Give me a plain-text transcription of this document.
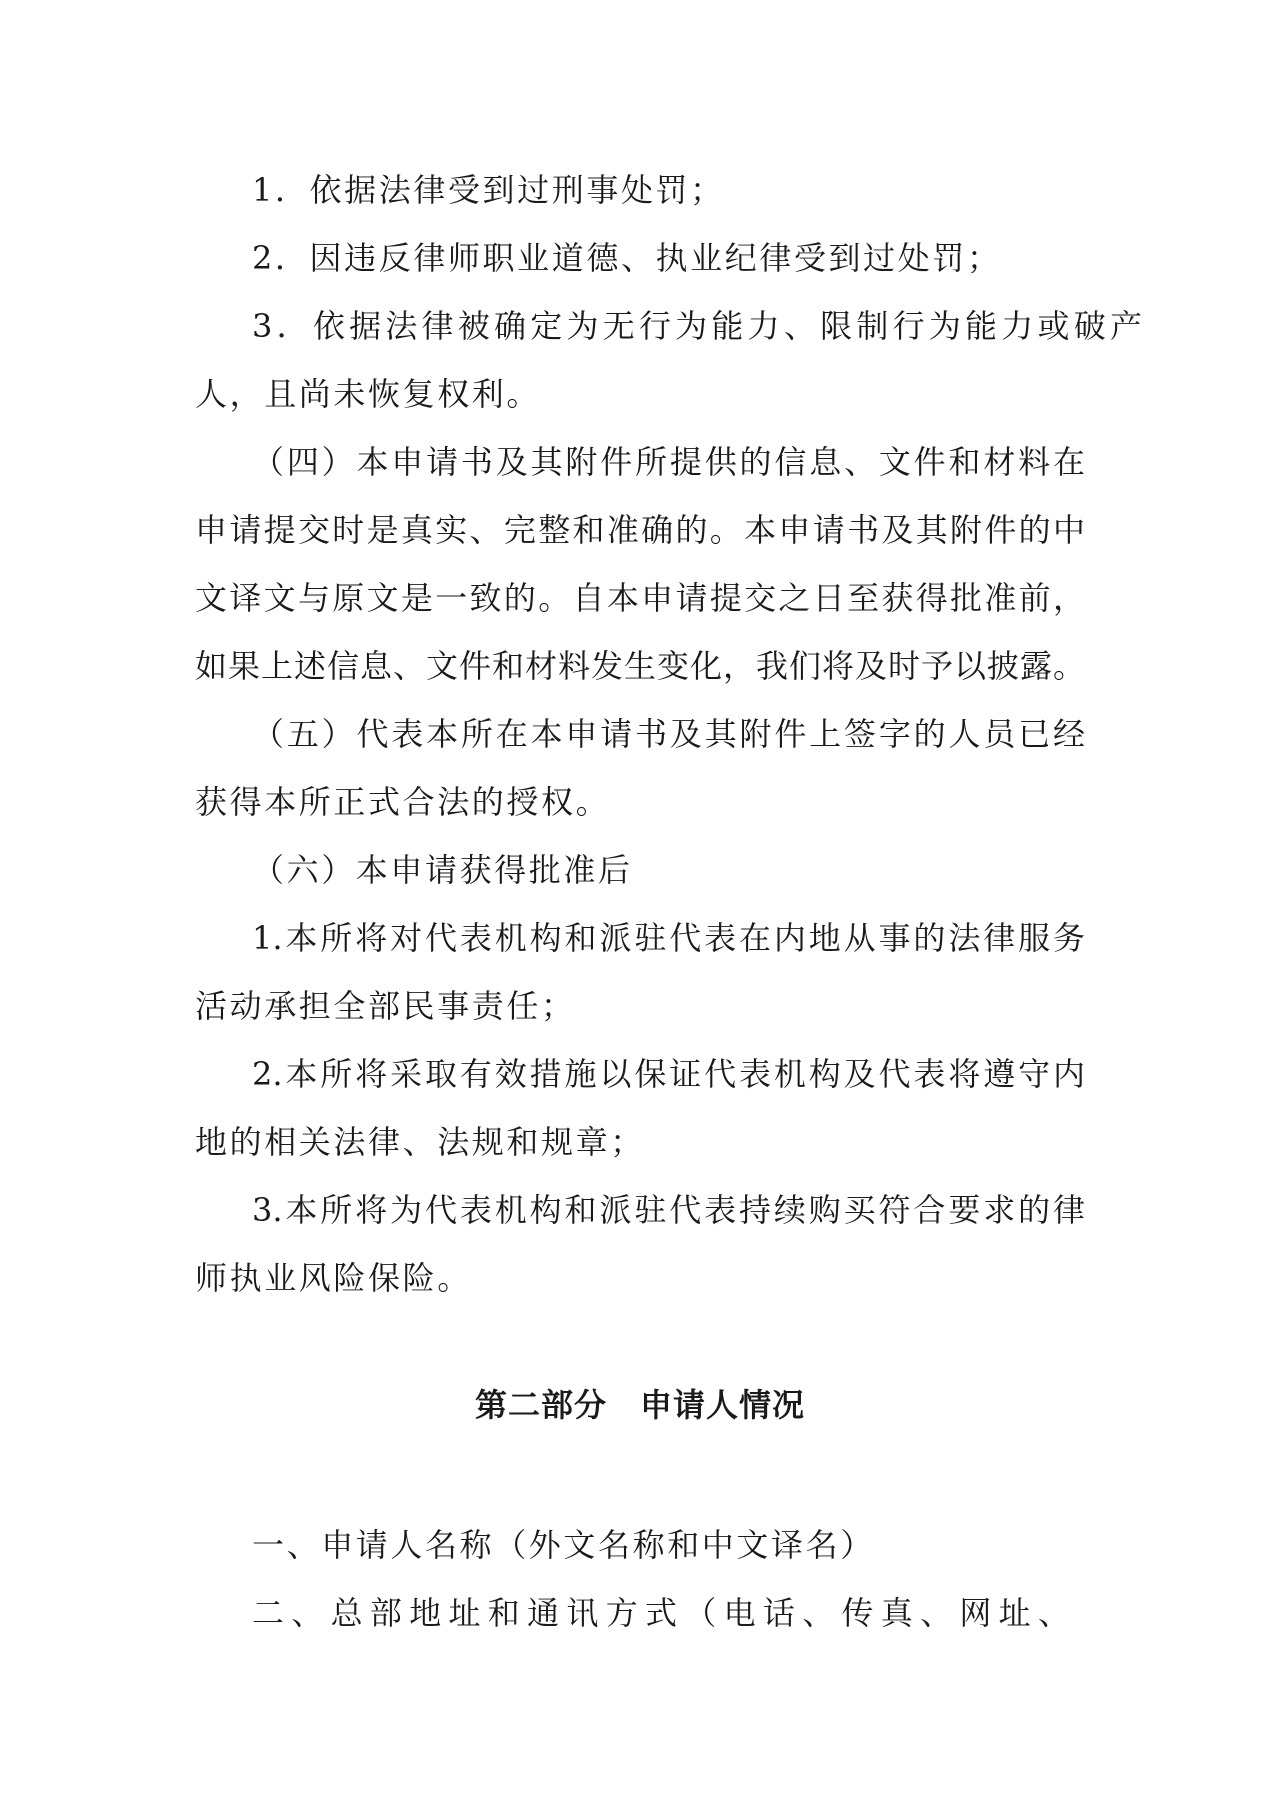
1．依据法律受到过刑事处罚；
2．因违反律师职业道德、执业纪律受到过处罚；
3．依据法律被确定为无行为能力、限制行为能力或破产
人，且尚未恢复权利。
（四）本申请书及其附件所提供的信息、文件和材料在
申请提交时是真实、完整和准确的。本申请书及其附件的中
文译文与原文是一致的。自本申请提交之日至获得批准前，
如果上述信息、文件和材料发生变化，我们将及时予以披露。
（五）代表本所在本申请书及其附件上签字的人员已经
获得本所正式合法的授权。
（六）本申请获得批准后
1.本所将对代表机构和派驻代表在内地从事的法律服务
活动承担全部民事责任；
2.本所将采取有效措施以保证代表机构及代表将遵守内
地的相关法律、法规和规章；
3.本所将为代表机构和派驻代表持续购买符合要求的律
师执业风险保险。
第二部分　申请人情况
一、申请人名称（外文名称和中文译名）
二、总部地址和通讯方式（电话、传真、网址、
